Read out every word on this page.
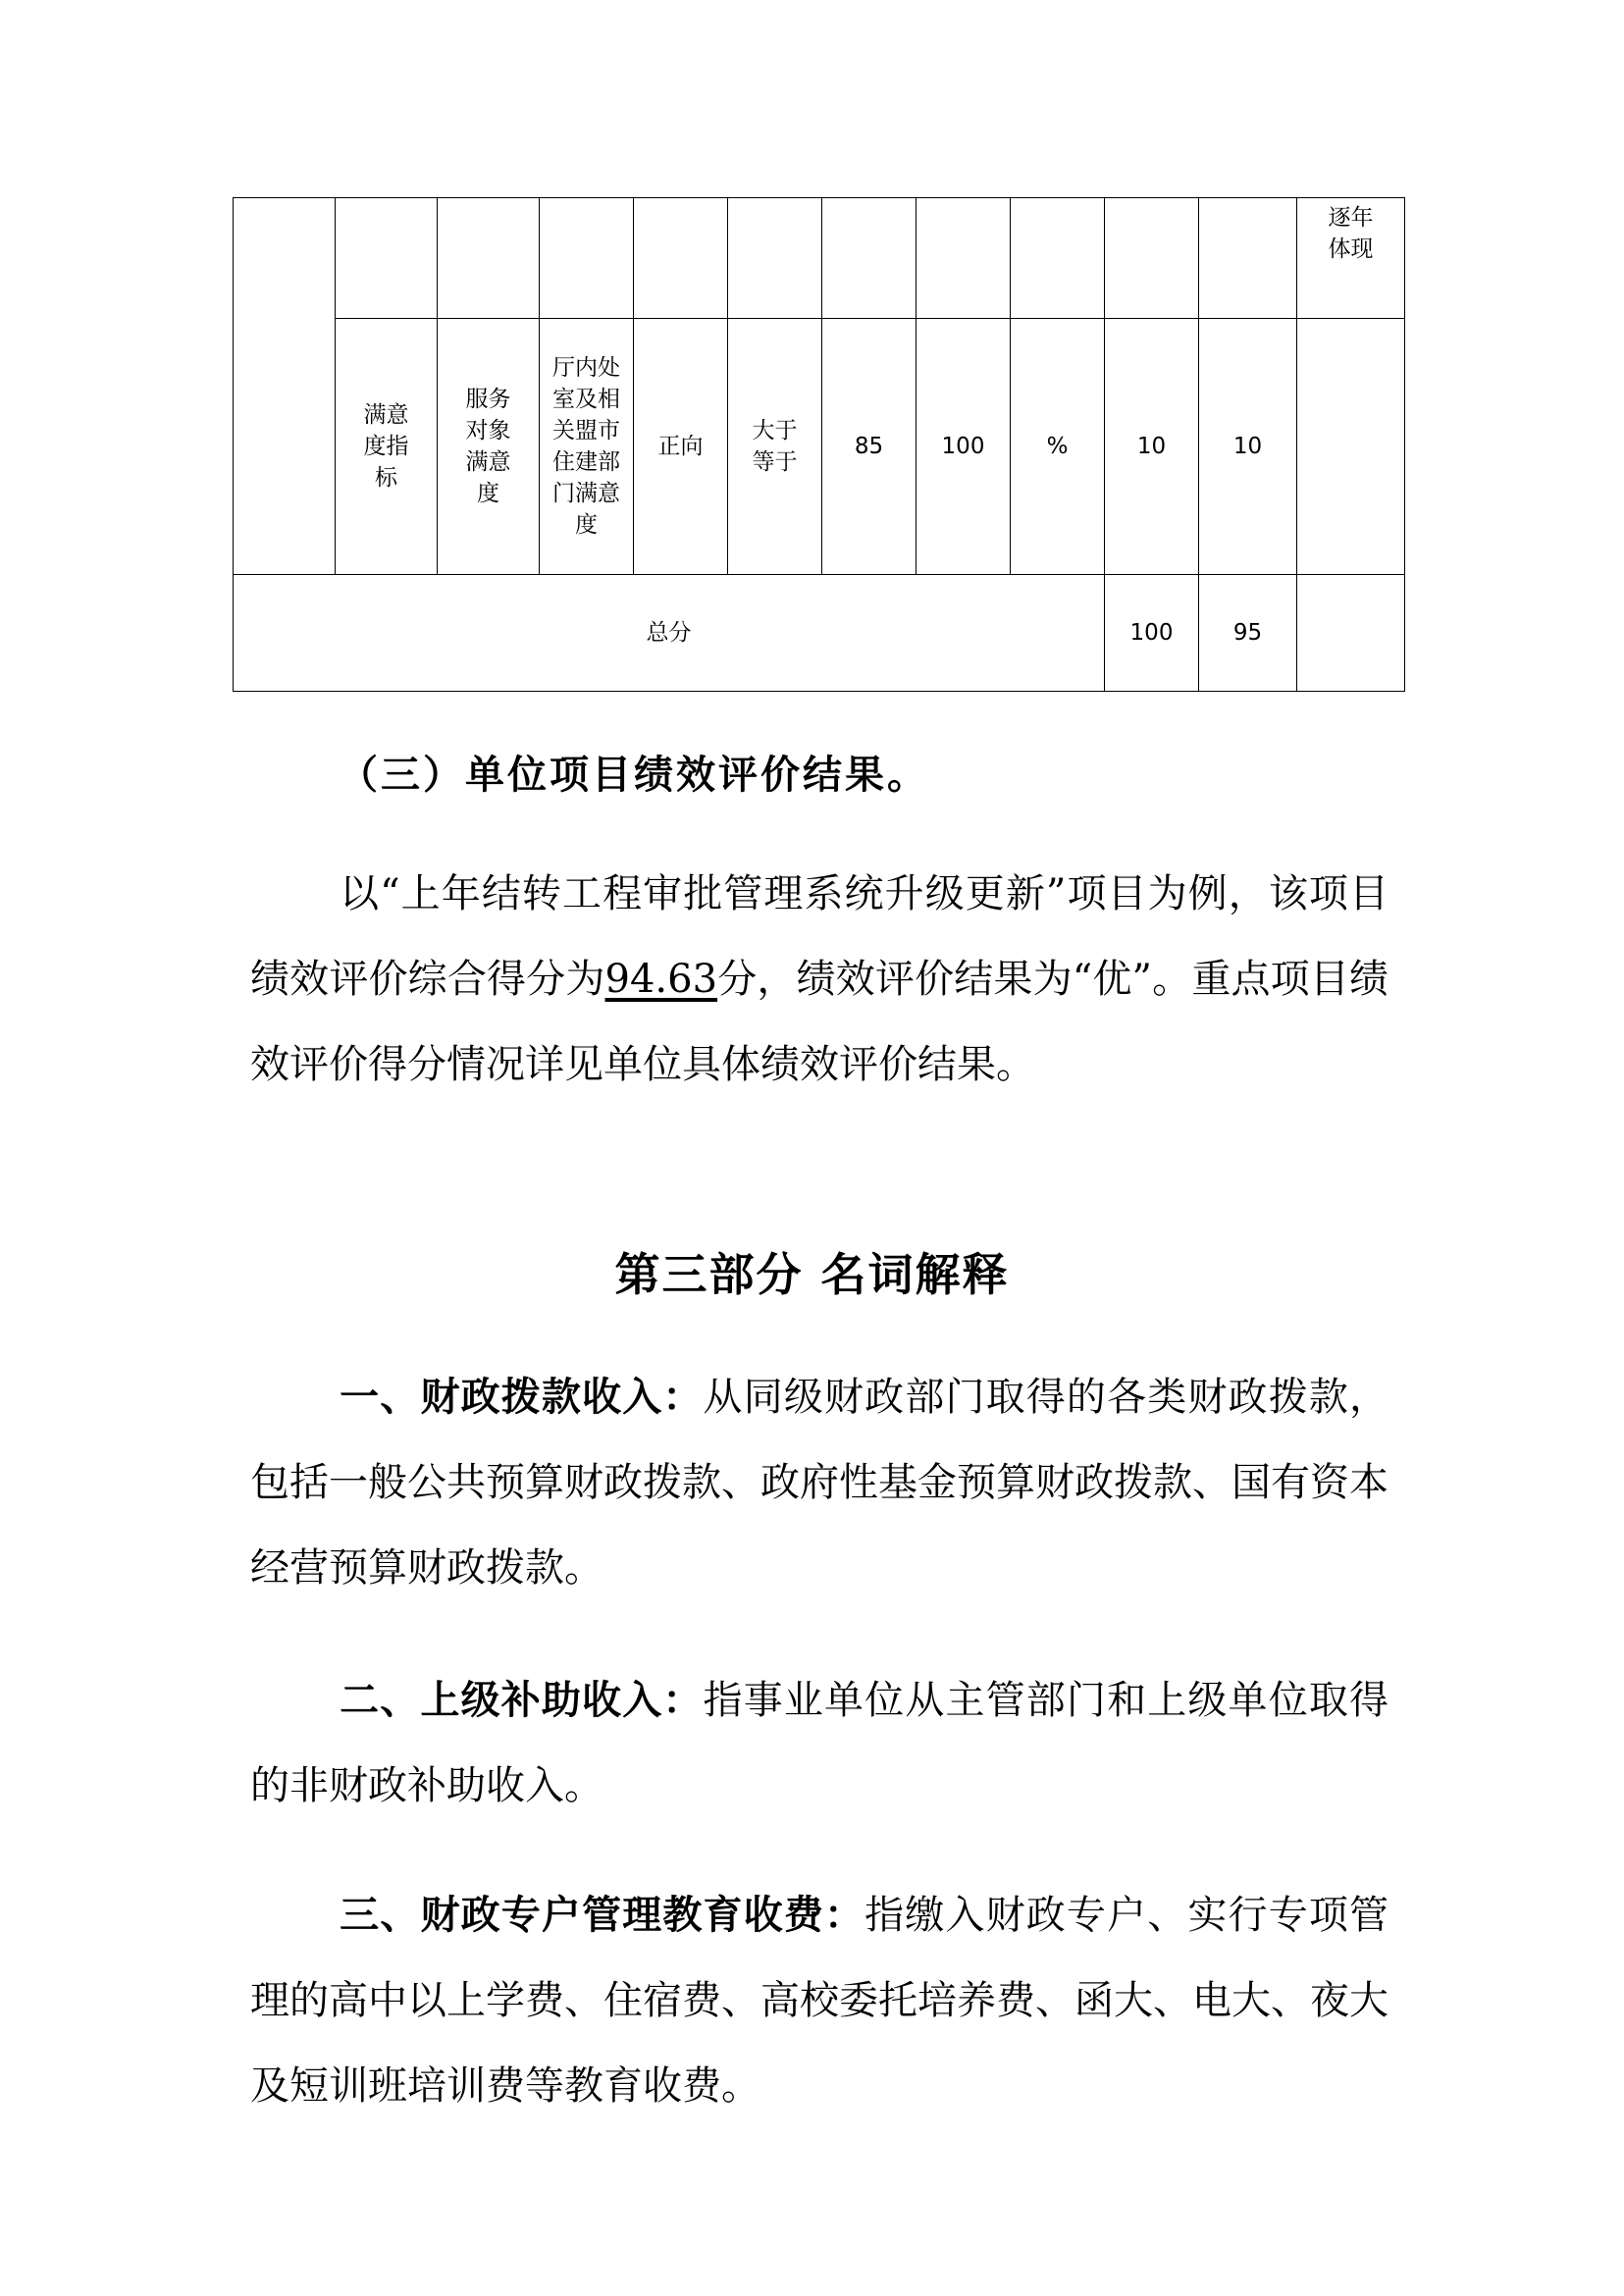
											逐年体现
	满意度指标	服务对象满意度	厅内处室及相关盟市住建部门满意度	正向	大于等于	85	100	%	10	10	
总分									100	95	
（三）单位项目绩效评价结果。

以“上年结转工程审批管理系统升级更新”项目为例，该项目绩效评价综合得分为94.63分，绩效评价结果为“优”。重点项目绩效评价得分情况详见单位具体绩效评价结果。

第三部分 名词解释

一、财政拨款收入：从同级财政部门取得的各类财政拨款，包括一般公共预算财政拨款、政府性基金预算财政拨款、国有资本经营预算财政拨款。

二、上级补助收入：指事业单位从主管部门和上级单位取得的非财政补助收入。

三、财政专户管理教育收费：指缴入财政专户、实行专项管理的高中以上学费、住宿费、高校委托培养费、函大、电大、夜大及短训班培训费等教育收费。
